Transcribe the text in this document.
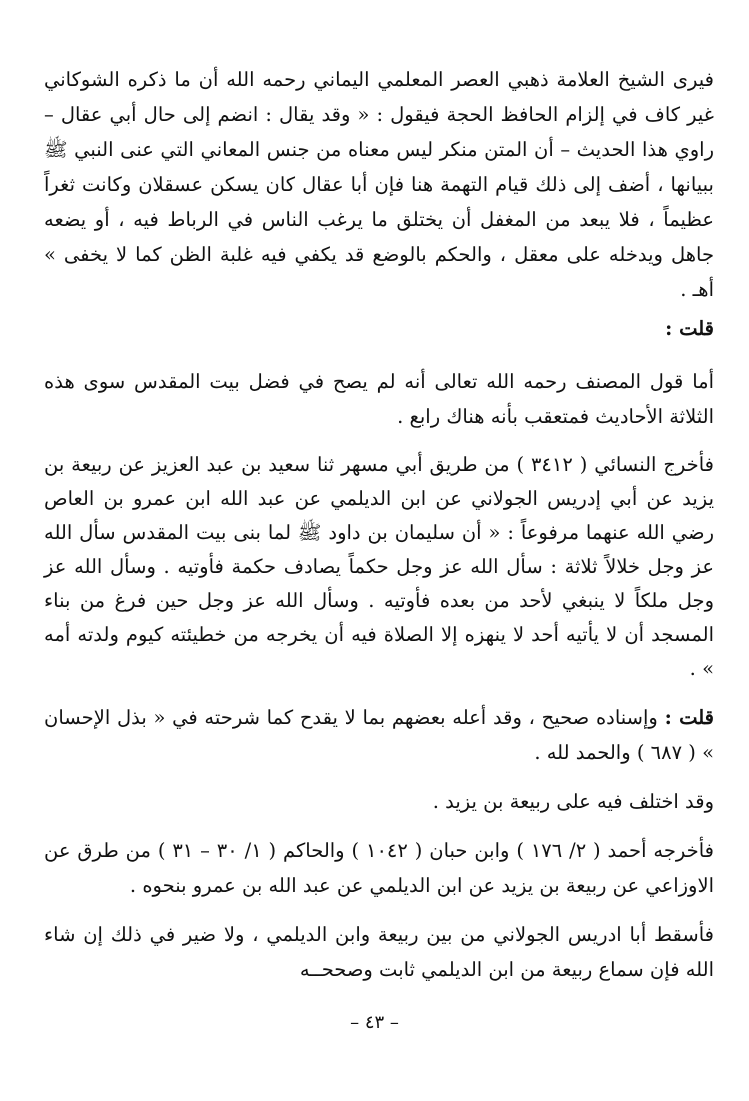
فيرى الشيخ العلامة ذهبي العصر المعلمي اليماني رحمه الله أن ما ذكره الشوكاني غير كاف في إلزام الحافظ الحجة فيقول : « وقد يقال : انضم إلى حال أبي عقال – راوي هذا الحديث – أن المتن منكر ليس معناه من جنس المعاني التي عنى النبي ﷺ ببيانها ، أضف إلى ذلك قيام التهمة هنا فإن أبا عقال كان يسكن عسقلان وكانت ثغراً عظيماً ، فلا يبعد من المغفل أن يختلق ما يرغب الناس في الرباط فيه ، أو يضعه جاهل ويدخله على معقل ، والحكم بالوضع قد يكفي فيه غلبة الظن كما لا يخفى » أهـ .

قلت :

أما قول المصنف رحمه الله تعالى أنه لم يصح في فضل بيت المقدس سوى هذه الثلاثة الأحاديث فمتعقب بأنه هناك رابع .

فأخرج النسائي ( ٣٤١٢ ) من طريق أبي مسهر ثنا سعيد بن عبد العزيز عن ربيعة بن يزيد عن أبي إدريس الجولاني عن ابن الديلمي عن عبد الله ابن عمرو بن العاص رضي الله عنهما مرفوعاً : « أن سليمان بن داود ﷺ لما بنى بيت المقدس سأل الله عز وجل خلالاً ثلاثة : سأل الله عز وجل حكماً يصادف حكمة فأوتيه . وسأل الله عز وجل ملكاً لا ينبغي لأحد من بعده فأوتيه . وسأل الله عز وجل حين فرغ من بناء المسجد أن لا يأتيه أحد لا ينهزه إلا الصلاة فيه أن يخرجه من خطيئته كيوم ولدته أمه » .

قلت : وإسناده صحيح ، وقد أعله بعضهم بما لا يقدح كما شرحته في « بذل الإحسان » ( ٦٨٧ ) والحمد لله .

وقد اختلف فيه على ربيعة بن يزيد .

فأخرجه أحمد ( ٢/ ١٧٦ ) وابن حبان ( ١٠٤٢ ) والحاكم ( ١/ ٣٠ – ٣١ ) من طرق عن الاوزاعي عن ربيعة بن يزيد عن ابن الديلمي عن عبد الله بن عمرو بنحوه .

فأسقط أبا ادريس الجولاني من بين ربيعة وابن الديلمي ، ولا ضير في ذلك إن شاء الله فإن سماع ربيعة من ابن الديلمي ثابت وصححــه

– ٤٣ –
